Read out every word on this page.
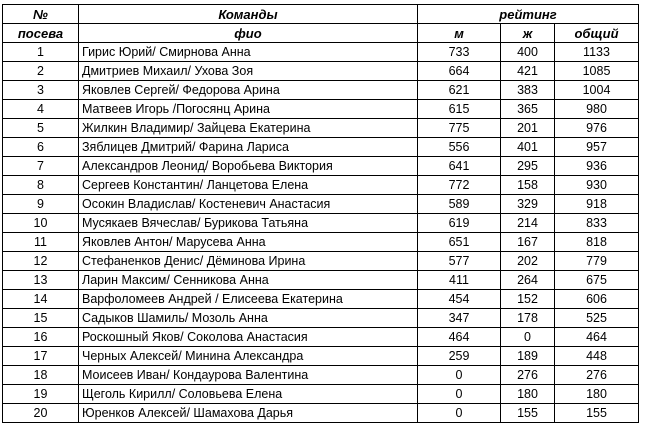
№	Команды	рейтинг		
посева	фио	м	ж	общий
1	Гирис Юрий/ Смирнова Анна	733	400	1133
2	Дмитриев Михаил/ Ухова Зоя	664	421	1085
3	Яковлев Сергей/ Федорова Арина	621	383	1004
4	Матвеев Игорь /Погосянц Арина	615	365	980
5	Жилкин Владимир/ Зайцева Екатерина	775	201	976
6	Зяблицев Дмитрий/ Фарина Лариса	556	401	957
7	Александров Леонид/ Воробьева Виктория	641	295	936
8	Сергеев Константин/ Ланцетова Елена	772	158	930
9	Осокин Владислав/ Костеневич Анастасия	589	329	918
10	Мусякаев Вячеслав/ Бурикова Татьяна	619	214	833
11	Яковлев Антон/ Марусева Анна	651	167	818
12	Стефаненков Денис/ Дёминова Ирина	577	202	779
13	Ларин Максим/ Сенникова Анна	411	264	675
14	Варфоломеев Андрей / Елисеева Екатерина	454	152	606
15	Садыков Шамиль/ Мозоль Анна	347	178	525
16	Роскошный Яков/ Соколова Анастасия	464	0	464
17	Черных Алексей/ Минина Александра	259	189	448
18	Моисеев Иван/ Кондаурова Валентина	0	276	276
19	Щеголь Кирилл/ Соловьева Елена	0	180	180
20	Юренков Алексей/ Шамахова Дарья	0	155	155
